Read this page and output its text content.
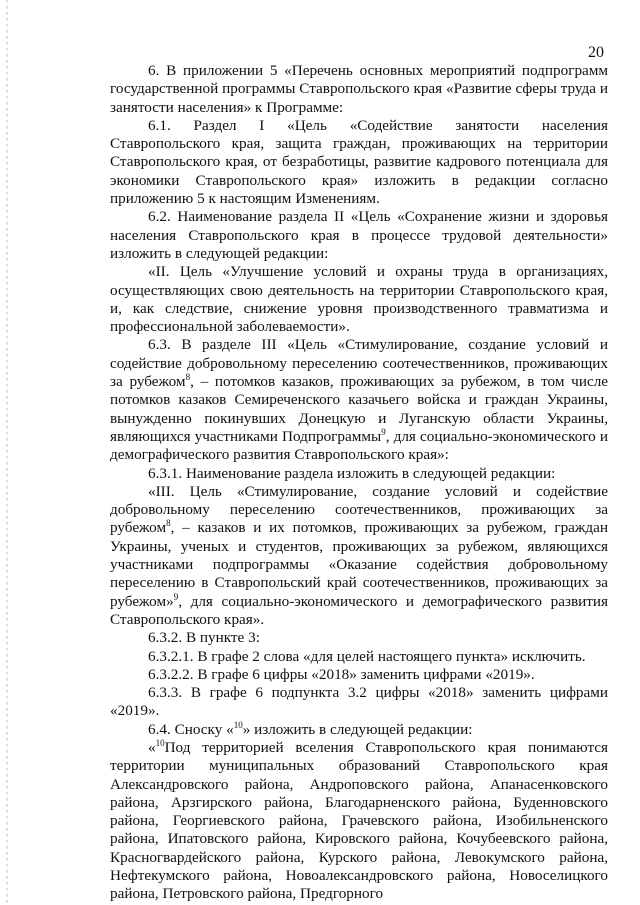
20

6. В приложении 5 «Перечень основных мероприятий подпрограмм государственной программы Ставропольского края «Развитие сферы труда и занятости населения» к Программе:

6.1. Раздел I «Цель «Содействие занятости населения Ставропольского края, защита граждан, проживающих на территории Ставропольского края, от безработицы, развитие кадрового потенциала для экономики Ставропольского края» изложить в редакции согласно приложению 5 к настоящим Изменениям.

6.2. Наименование раздела II «Цель «Сохранение жизни и здоровья населения Ставропольского края в процессе трудовой деятельности» изложить в следующей редакции:

«II. Цель «Улучшение условий и охраны труда в организациях, осуществляющих свою деятельность на территории Ставропольского края, и, как следствие, снижение уровня производственного травматизма и профессиональной заболеваемости».

6.3. В разделе III «Цель «Стимулирование, создание условий и содействие добровольному переселению соотечественников, проживающих за рубежом$^8$, – потомков казаков, проживающих за рубежом, в том числе потомков казаков Семиреченского казачьего войска и граждан Украины, вынужденно покинувших Донецкую и Луганскую области Украины, являющихся участниками Подпрограммы$^9$, для социально-экономического и демографического развития Ставропольского края»:

6.3.1. Наименование раздела изложить в следующей редакции:

«III. Цель «Стимулирование, создание условий и содействие добровольному переселению соотечественников, проживающих за рубежом$^8$, – казаков и их потомков, проживающих за рубежом, граждан Украины, ученых и студентов, проживающих за рубежом, являющихся участниками подпрограммы «Оказание содействия добровольному переселению в Ставропольский край соотечественников, проживающих за рубежом»$^9$, для социально-экономического и демографического развития Ставропольского края».

6.3.2. В пункте 3:

6.3.2.1. В графе 2 слова «для целей настоящего пункта» исключить.

6.3.2.2. В графе 6 цифры «2018» заменить цифрами «2019».

6.3.3. В графе 6 подпункта 3.2 цифры «2018» заменить цифрами «2019».

6.4. Сноску «$^{10}$» изложить в следующей редакции:

«$^{10}$Под территорией вселения Ставропольского края понимаются территории муниципальных образований Ставропольского края Александровского района, Андроповского района, Апанасенковского района, Арзгирского района, Благодарненского района, Буденновского района, Георгиевского района, Грачевского района, Изобильненского района, Ипатовского района, Кировского района, Кочубеевского района, Красногвардейского района, Курского района, Левокумского района, Нефтекумского района, Новоалександровского района, Новоселицкого района, Петровского района, Предгорного
